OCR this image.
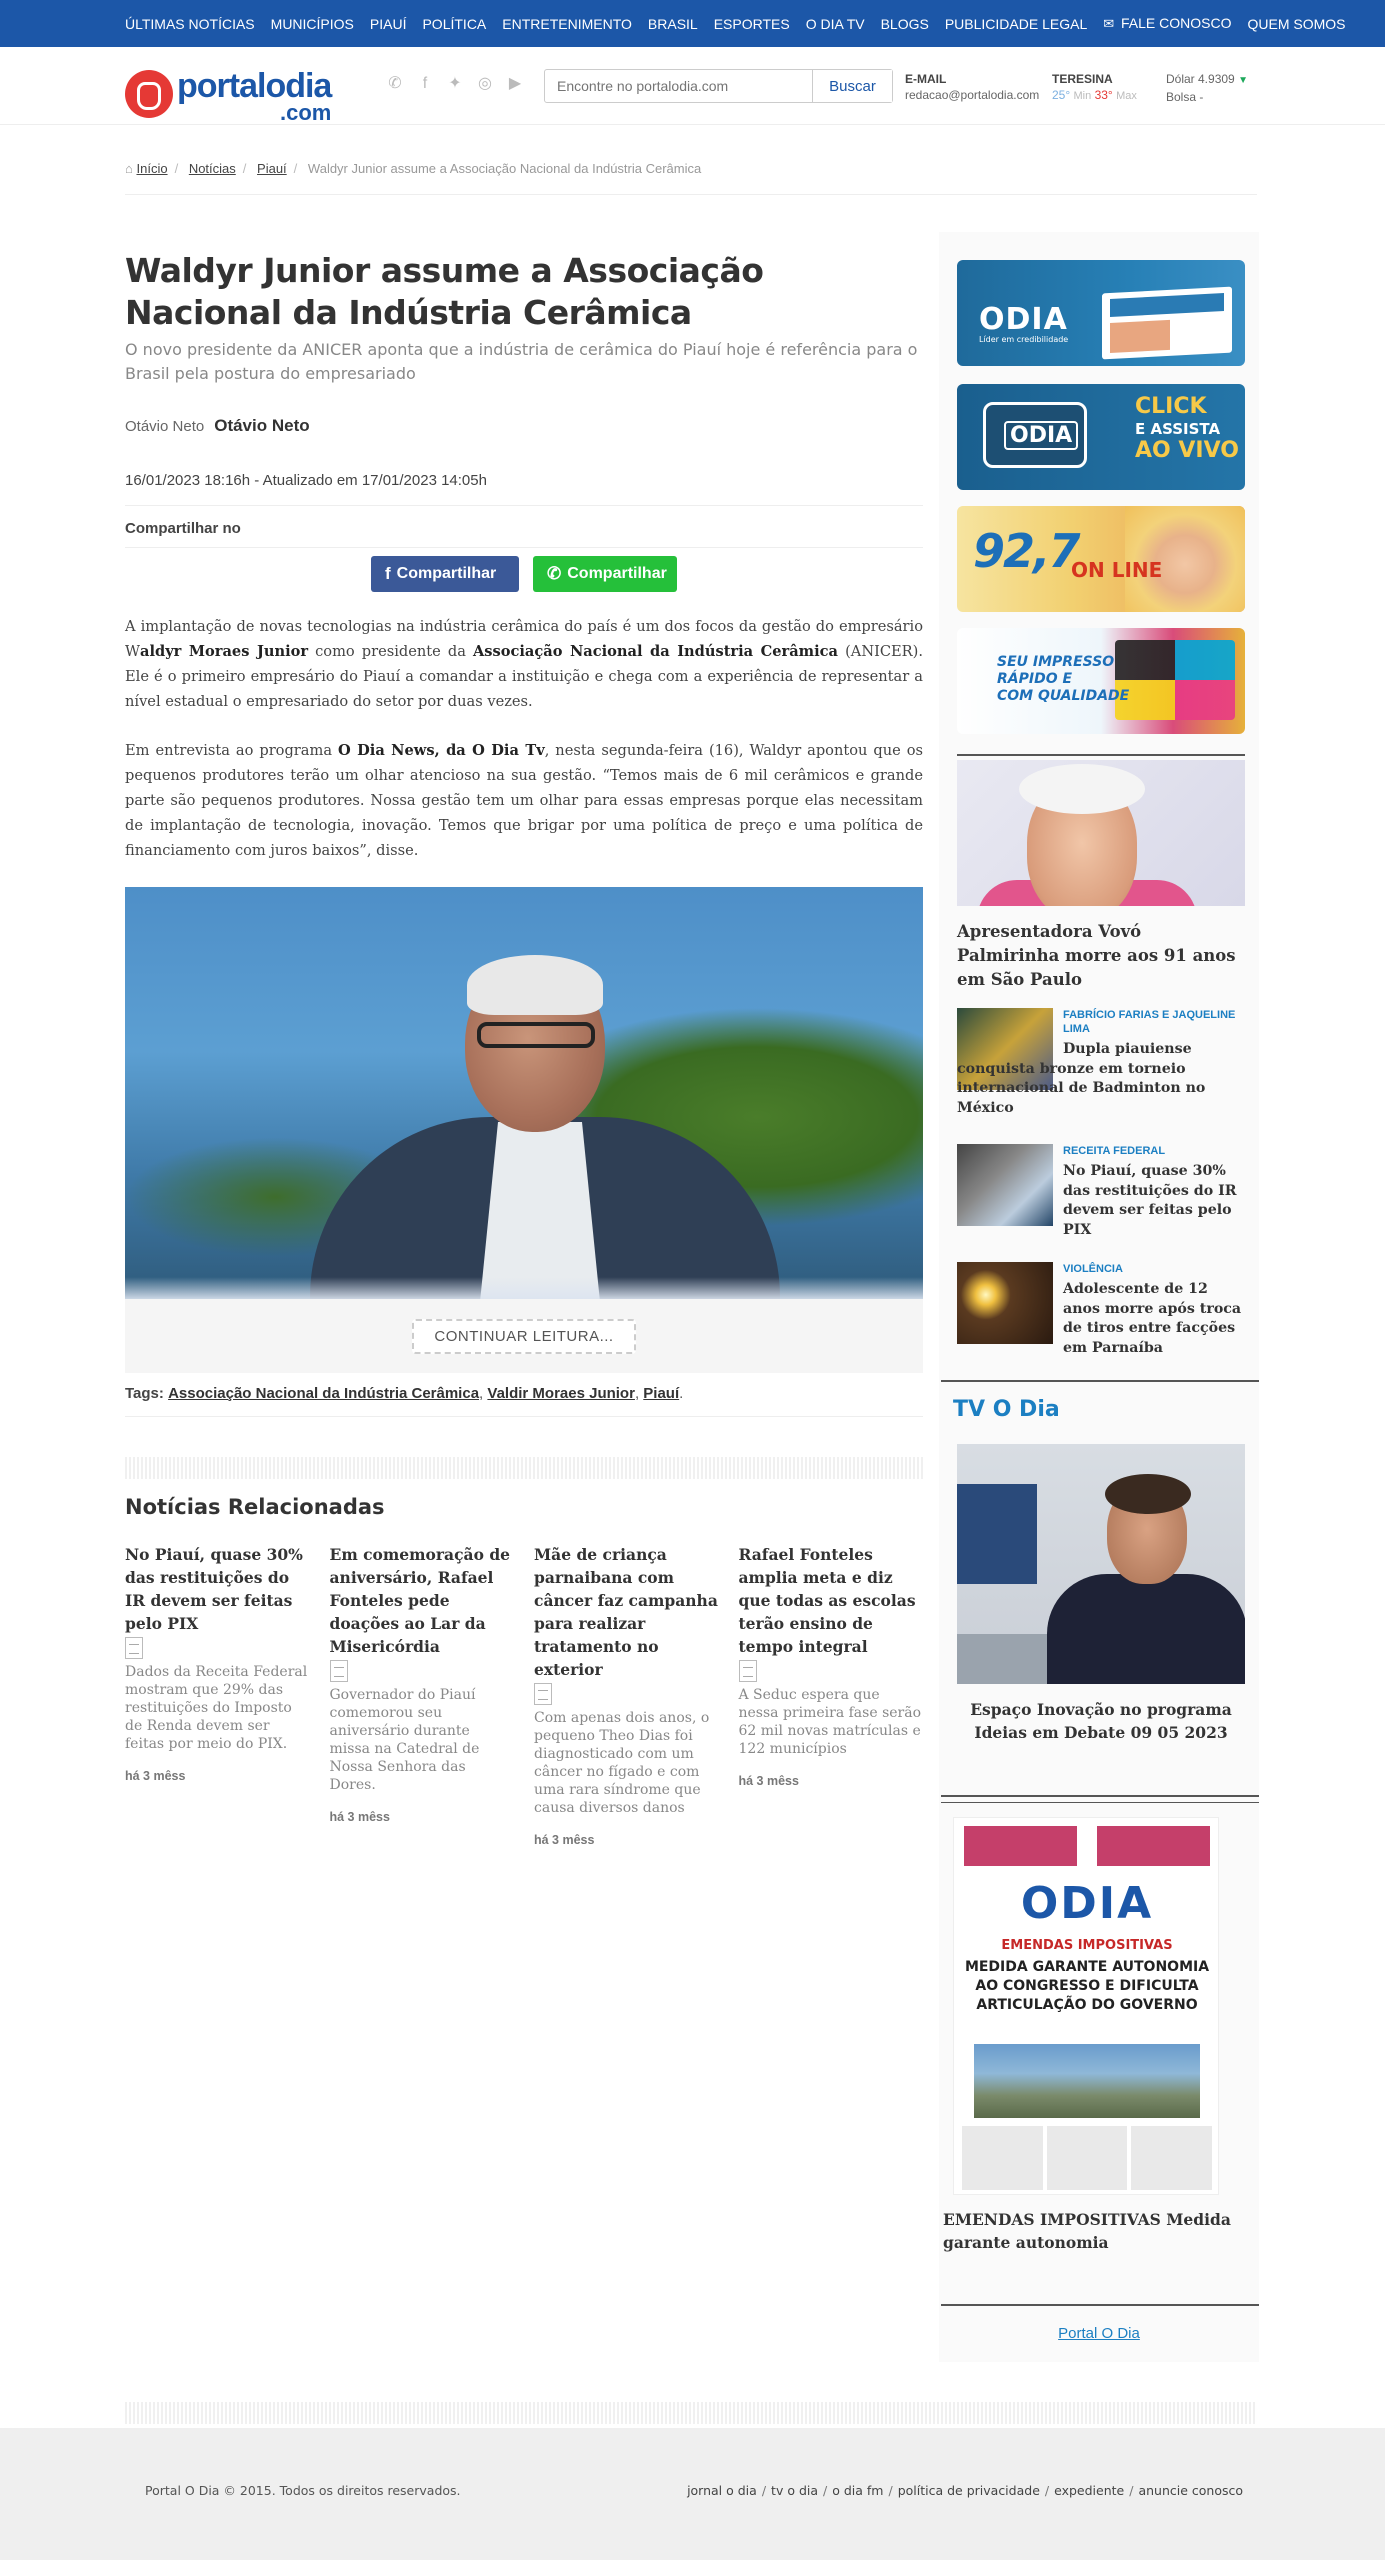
ÚLTIMAS NOTÍCIAS MUNICÍPIOS PIAUÍ POLÍTICA ENTRETENIMENTO BRASIL ESPORTES O DIA TV BLOGS PUBLICIDADE LEGAL ✉ FALE CONOSCO QUEM SOMOS
portalodia
.com
✆	f	✦ ◎ ▶
Encontre no portalodia.com	Buscar	E-MAIL
redacao@portalodia.com
TERESINA
25° Min 33° Max
Dólar 4.9309 ▼
Bolsa -
⌂ Início / Notícias / Piauí / Waldyr Junior assume a Associação Nacional da Indústria Cerâmica
Waldyr Junior assume a Associação Nacional da Indústria Cerâmica
O novo presidente da ANICER aponta que a indústria de cerâmica do Piauí hoje é referência para o Brasil pela postura do empresariado
Otávio Neto Otávio Neto
16/01/2023 18:16h - Atualizado em 17/01/2023 14:05h
Compartilhar no
f Compartilhar	✆ Compartilhar

A implantação de novas tecnologias na indústria cerâmica do país é um dos focos da gestão do empresário Waldyr Moraes Junior como presidente da Associação Nacional da Indústria Cerâmica (ANICER). Ele é o primeiro empresário do Piauí a comandar a instituição e chega com a experiência de representar a nível estadual o empresariado do setor por duas vezes.

Em entrevista ao programa O Dia News, da O Dia Tv, nesta segunda-feira (16), Waldyr apontou que os pequenos produtores terão um olhar atencioso na sua gestão. “Temos mais de 6 mil cerâmicos e grande parte são pequenos produtores. Nossa gestão tem um olhar para essas empresas porque elas necessitam de implantação de tecnologia, inovação. Temos que brigar por uma política de preço e uma política de financiamento com juros baixos”, disse.

CONTINUAR LEITURA...
Tags: Associação Nacional da Indústria Cerâmica, Valdir Moraes Junior, Piauí.
Notícias Relacionadas
No Piauí, quase 30% das restituições do IR devem ser feitas pelo PIX
Dados da Receita Federal mostram que 29% das restituições do Imposto de Renda devem ser feitas por meio do PIX.
há 3 mêss
Em comemoração de aniversário, Rafael Fonteles pede doações ao Lar da Misericórdia
Governador do Piauí comemorou seu aniversário durante missa na Catedral de Nossa Senhora das Dores.
há 3 mêss
Mãe de criança parnaibana com câncer faz campanha para realizar tratamento no exterior
Com apenas dois anos, o pequeno Theo Dias foi diagnosticado com um câncer no fígado e com uma rara síndrome que causa diversos danos
há 3 mêss
Rafael Fonteles amplia meta e diz que todas as escolas terão ensino de tempo integral
A Seduc espera que nessa primeira fase serão 62 mil novas matrículas e 122 municípios
há 3 mêss
ODIA
Líder em credibilidade
ODIA
CLICK
E ASSISTA
AO VIVO
92,7
ON LINE
SEU IMPRESSO
RÁPIDO E
COM QUALIDADE
Apresentadora Vovó Palmirinha morre aos 91 anos em São Paulo
FABRÍCIO FARIAS E JAQUELINE LIMA
Dupla piauiense conquista bronze em torneio internacional de Badminton no México
RECEITA FEDERAL
No Piauí, quase 30% das restituições do IR devem ser feitas pelo PIX
VIOLÊNCIA
Adolescente de 12 anos morre após troca de tiros entre facções em Parnaíba
TV O Dia
Espaço Inovação no programa Ideias em Debate 09 05 2023
ODIA
EMENDAS IMPOSITIVAS
MEDIDA GARANTE AUTONOMIA AO CONGRESSO E DIFICULTA ARTICULAÇÃO DO GOVERNO
EMENDAS IMPOSITIVAS Medida garante autonomia
Portal O Dia
Portal O Dia © 2015. Todos os direitos reservados.	jornal o dia / tv o dia / o dia fm / política de privacidade / expediente / anuncie conosco
